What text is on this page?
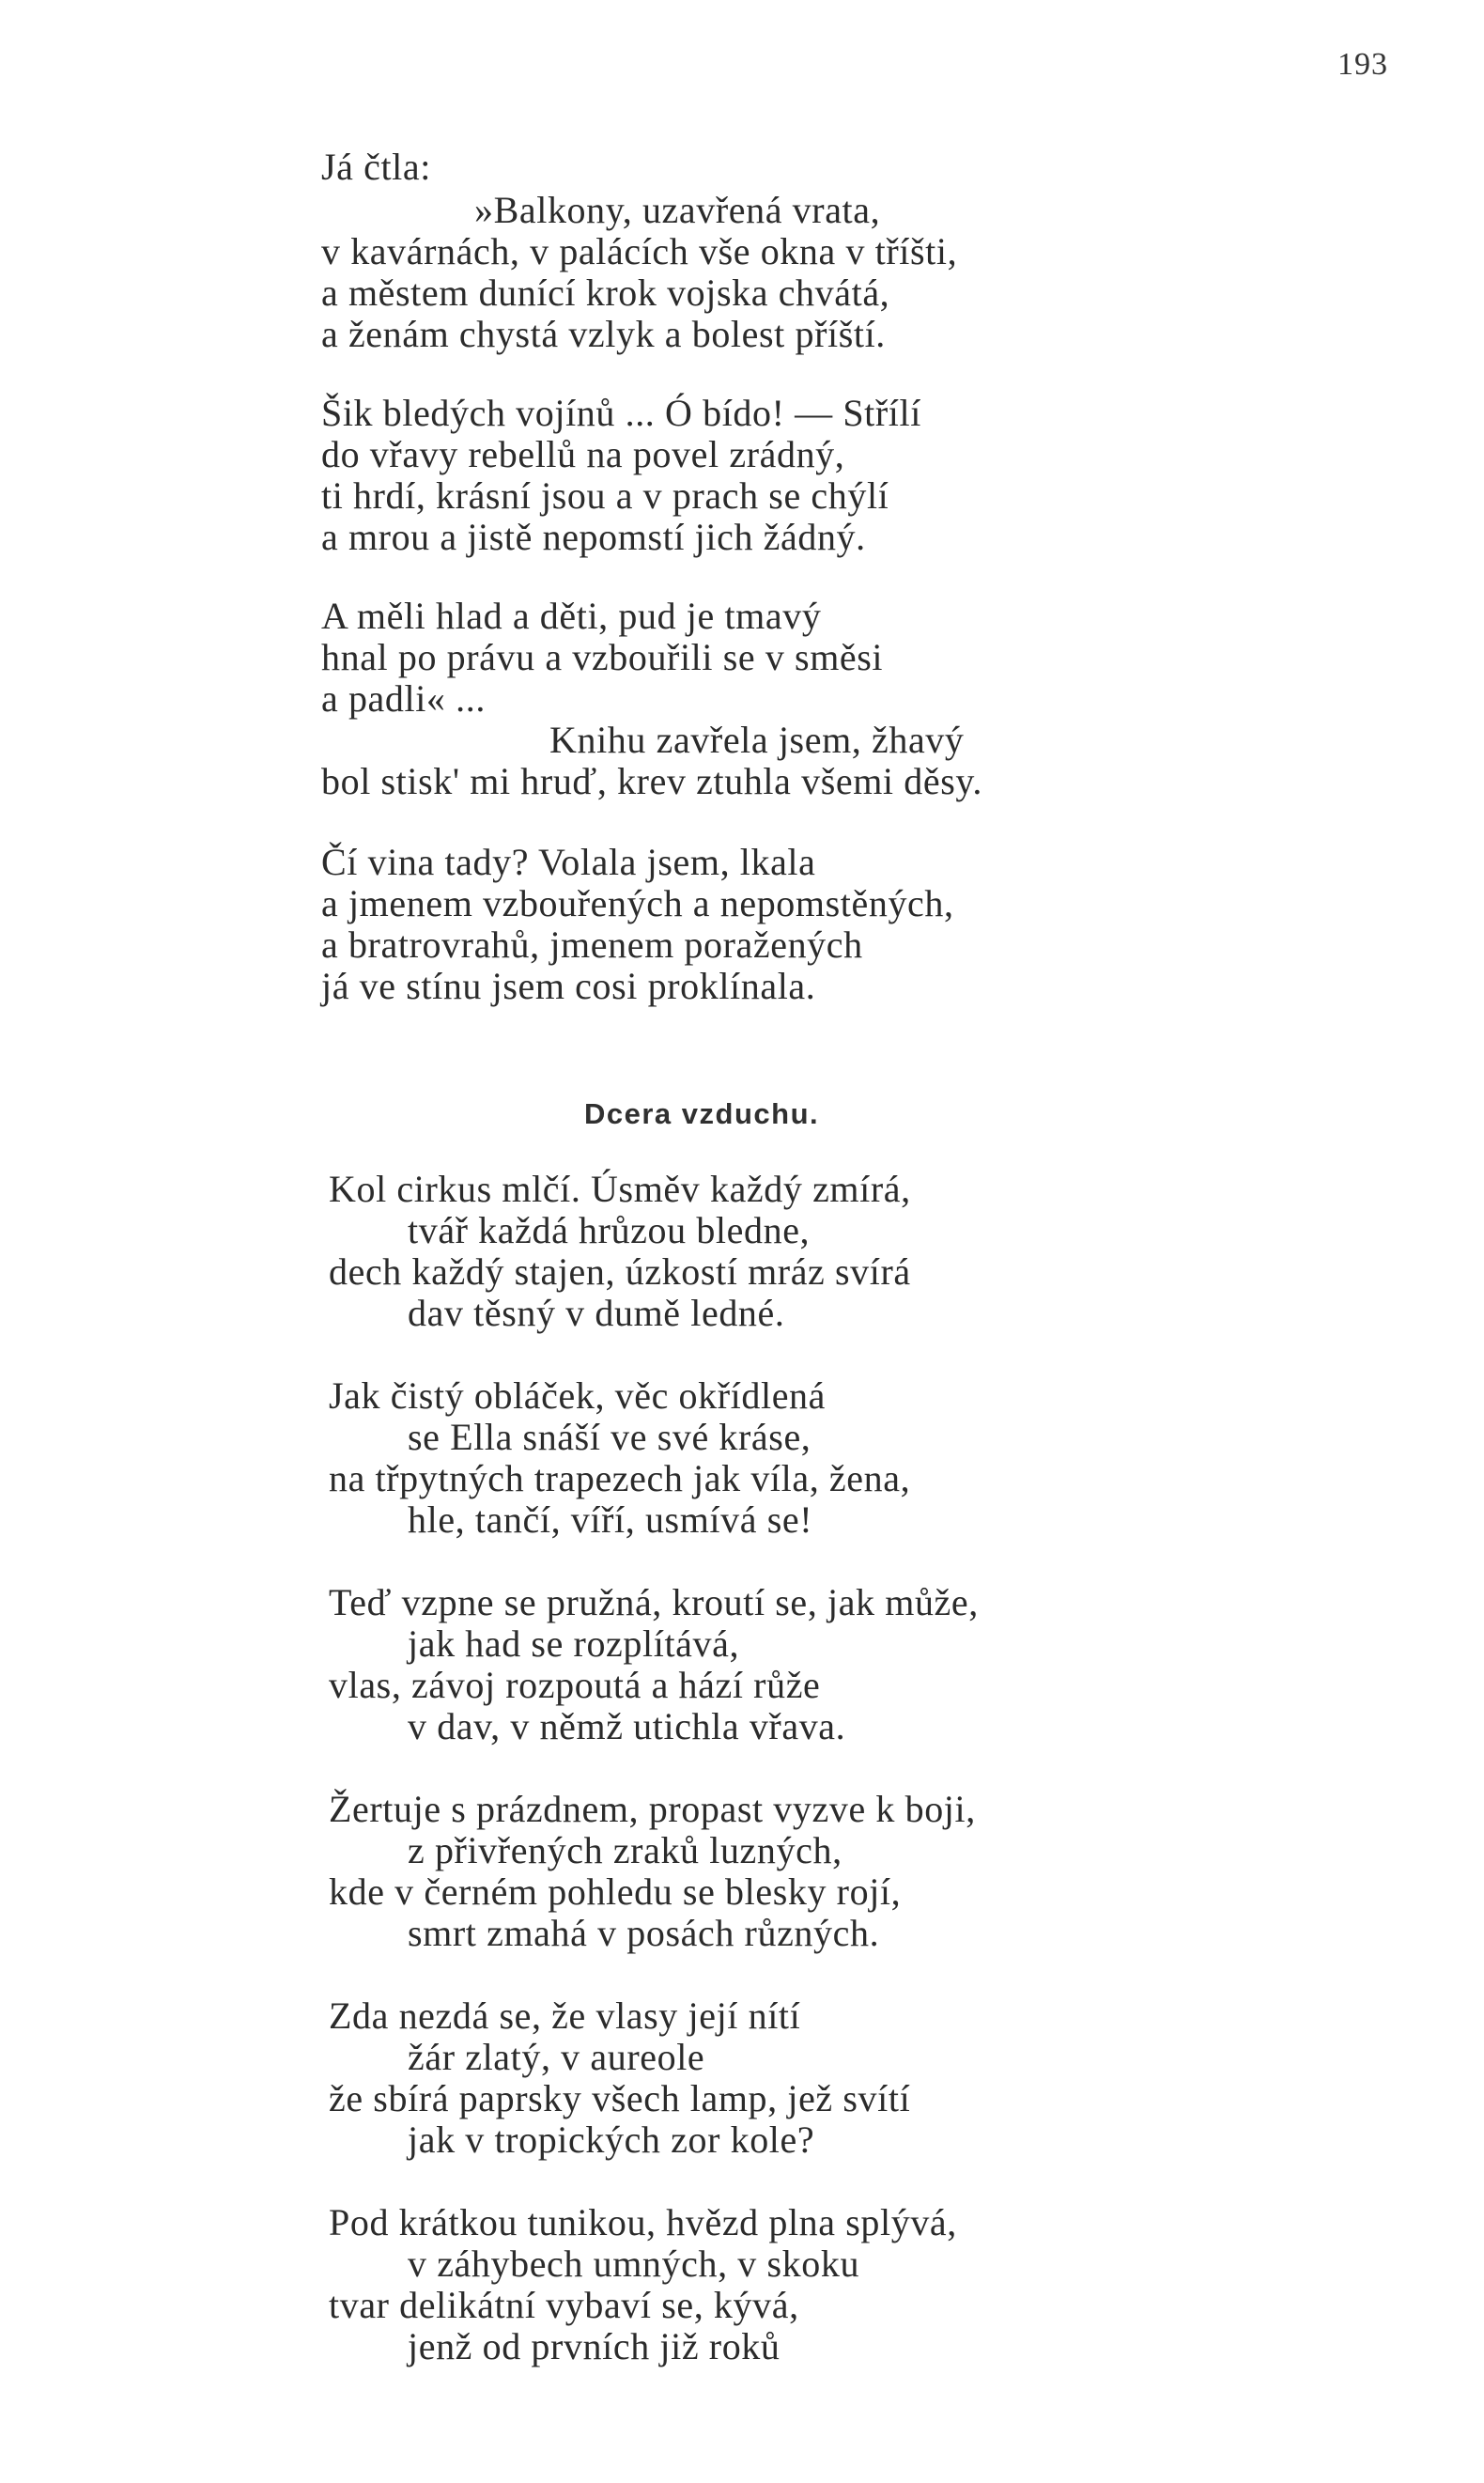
193
Já čtla:
»Balkony, uzavřená vrata,
v kavárnách, v palácích vše okna v tříšti,
a městem dunící krok vojska chvátá,
a ženám chystá vzlyk a bolest příští.
Šik bledých vojínů ... Ó bído! — Střílí
do vřavy rebellů na povel zrádný,
ti hrdí, krásní jsou a v prach se chýlí
a mrou a jistě nepomstí jich žádný.
A měli hlad a děti, pud je tmavý
hnal po právu a vzbouřili se v směsi
a padli« ...
Knihu zavřela jsem, žhavý
bol stisk' mi hruď, krev ztuhla všemi děsy.
Čí vina tady? Volala jsem, lkala
a jmenem vzbouřených a nepomstěných,
a bratrovrahů, jmenem poražených
já ve stínu jsem cosi proklínala.
Dcera vzduchu.
Kol cirkus mlčí. Úsměv každý zmírá,
tvář každá hrůzou bledne,
dech každý stajen, úzkostí mráz svírá
dav těsný v dumě ledné.
Jak čistý obláček, věc okřídlená
se Ella snáší ve své kráse,
na třpytných trapezech jak víla, žena,
hle, tančí, víří, usmívá se!
Teď vzpne se pružná, kroutí se, jak může,
jak had se rozplítává,
vlas, závoj rozpoutá a hází růže
v dav, v němž utichla vřava.
Žertuje s prázdnem, propast vyzve k boji,
z přivřených zraků luzných,
kde v černém pohledu se blesky rojí,
smrt zmahá v posách různých.
Zda nezdá se, že vlasy její nítí
žár zlatý, v aureole
že sbírá paprsky všech lamp, jež svítí
jak v tropických zor kole?
Pod krátkou tunikou, hvězd plna splývá,
v záhybech umných, v skoku
tvar delikátní vybaví se, kývá,
jenž od prvních již roků
